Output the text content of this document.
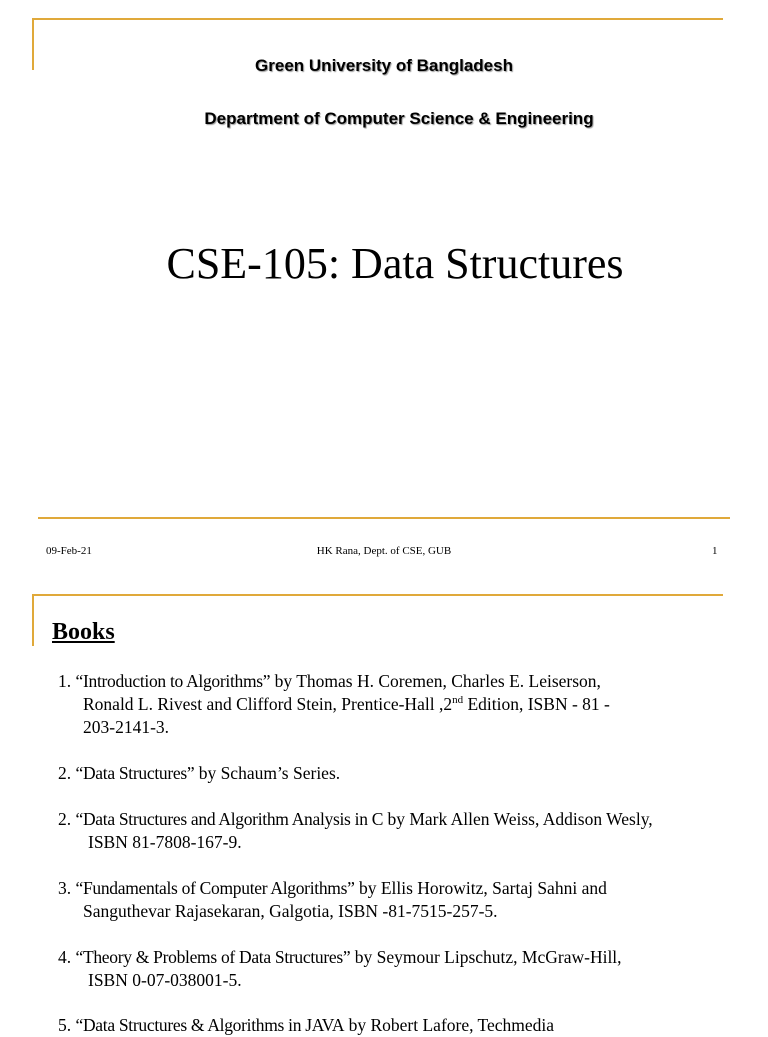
Green University of Bangladesh
Department of Computer Science & Engineering
CSE-105: Data Structures
09-Feb-21	HK Rana, Dept. of CSE, GUB	1
Books
1. “Introduction to Algorithms” by Thomas H. Coremen, Charles E. Leiserson,
Ronald L. Rivest and Clifford Stein, Prentice-Hall ,2nd Edition, ISBN - 81 -
203-2141-3.
2. “Data Structures” by Schaum’s Series.
2. “Data Structures and Algorithm Analysis in C by Mark Allen Weiss, Addison Wesly,
ISBN 81-7808-167-9.
3. “Fundamentals of Computer Algorithms” by Ellis Horowitz, Sartaj Sahni and
Sanguthevar Rajasekaran, Galgotia, ISBN -81-7515-257-5.
4. “Theory & Problems of Data Structures” by Seymour Lipschutz, McGraw-Hill,
ISBN 0-07-038001-5.
5. “Data Structures & Algorithms in JAVA by Robert Lafore, Techmedia
